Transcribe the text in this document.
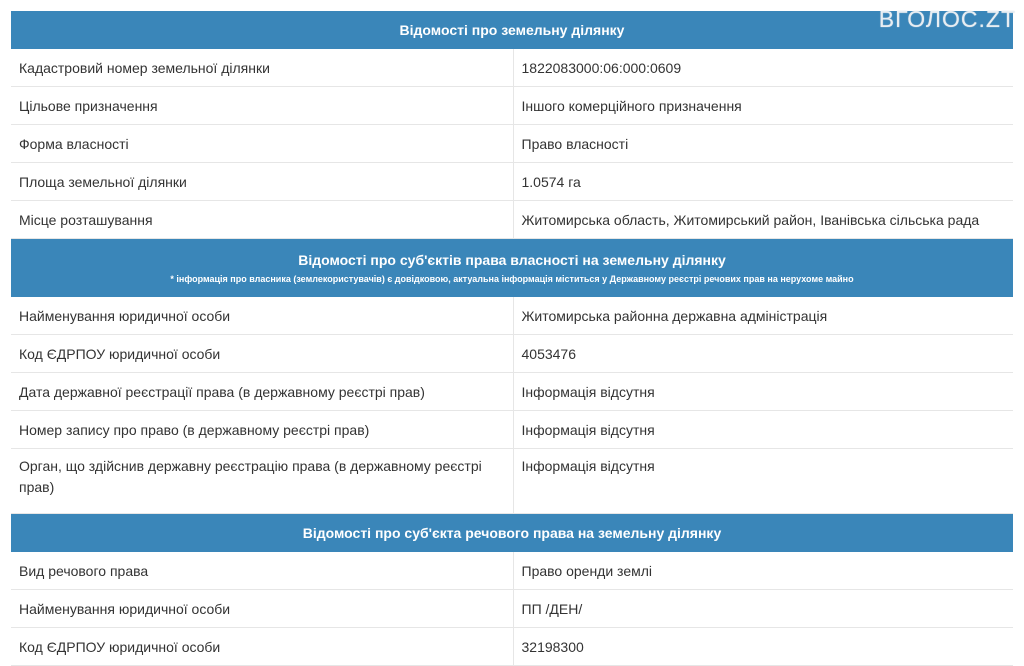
Відомості про земельну ділянку	

Кадастровий номер земельної ділянки	1822083000:06:000:0609
Цільове призначення	Іншого комерційного призначення
Форма власності	Право власності
Площа земельної ділянки	1.0574 га
Місце розташування	Житомирська область, Житомирський район, Іванівська сільська рада

Відомості про суб'єктів права власності на земельну ділянку
* інформація про власника (землекористувачів) є довідковою, актуальна інформація міститься у Державному реєстрі речових прав на нерухоме майно	

Найменування юридичної особи	Житомирська районна державна адміністрація
Код ЄДРПОУ юридичної особи	4053476
Дата державної реєстрації права (в державному реєстрі прав)	Інформація відсутня
Номер запису про право (в державному реєстрі прав)	Інформація відсутня
Орган, що здійснив державну реєстрацію права (в державному реєстрі прав)	Інформація відсутня

Відомості про суб'єкта речового права на земельну ділянку	

Вид речового права	Право оренди землі
Найменування юридичної особи	ПП /ДЕН/
Код ЄДРПОУ юридичної особи	32198300
ВГОЛОС.ZT
